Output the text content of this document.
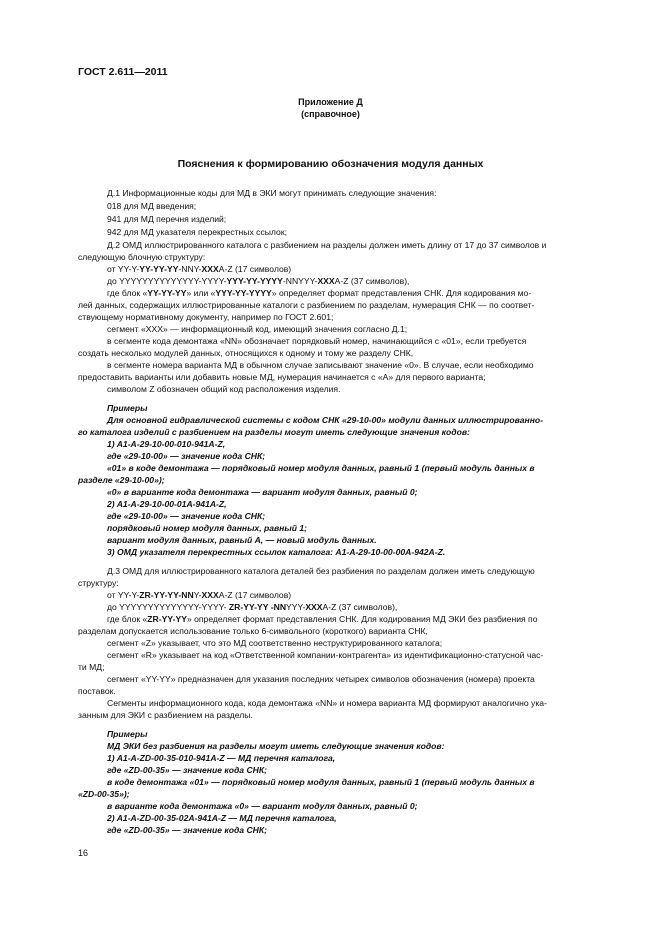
ГОСТ 2.611—2011
Приложение Д
(справочное)
Пояснения к формированию обозначения модуля данных
Д.1 Информационные коды для МД в ЭКИ могут принимать следующие значения:
018 для МД введения;
941 для МД перечня изделий;
942 для МД указателя перекрестных ссылок;
Д.2 ОМД иллюстрированного каталога с разбиением на разделы должен иметь длину от 17 до 37 символов и
следующую блочную структуру:
от YY-Y-YY-YY-YY-NNY-XXXA-Z (17 символов)
до YYYYYYYYYYYYYY-YYYY-YYY-YY-YYYY-NNYYY-XXXA-Z (37 символов),
где блок «YY-YY-YY» или «YYY-YY-YYYY» определяет формат представления СНК. Для кодирования мо-
лей данных, содержащих иллюстрированные каталоги с разбиением по разделам, нумерация СНК — по соответ-
ствующему нормативному документу, например по ГОСТ 2.601;
сегмент «XXX» — информационный код, имеющий значения согласно Д.1;
в сегменте кода демонтажа «NN» обозначает порядковый номер, начинающийся с «01», если требуется
создать несколько модулей данных, относящихся к одному и тому же разделу СНК,
в сегменте номера варианта МД в обычном случае записывают значение «0». В случае, если необходимо
предоставить варианты или добавить новые МД, нумерация начинается с «A» для первого варианта;
символом Z обозначен общий код расположения изделия.
Примеры
Для основной гидравлической системы с кодом СНК «29-10-00» модули данных иллюстрированно-
го каталога изделий с разбиением на разделы могут иметь следующие значения кодов:
1) A1-A-29-10-00-010-941A-Z,
где «29-10-00» — значение кода СНК;
«01» в коде демонтажа — порядковый номер модуля данных, равный 1 (первый модуль данных в
разделе «29-10-00»);
«0» в варианте кода демонтажа — вариант модуля данных, равный 0;
2) A1-A-29-10-00-01A-941A-Z,
где «29-10-00» — значение кода СНК;
порядковый номер модуля данных, равный 1;
вариант модуля данных, равный A, — новый модуль данных.
3) ОМД указателя перекрестных ссылок каталога: A1-A-29-10-00-00A-942A-Z.
Д.3 ОМД для иллюстрированного каталога деталей без разбиения по разделам должен иметь следующую
структуру:
от YY-Y-ZR-YY-YY-NNY-XXXA-Z (17 символов)
до YYYYYYYYYYYYYY-YYYY- ZR-YY-YY -NNYYY-XXXA-Z (37 символов),
где блок «ZR-YY-YY» определяет формат представления СНК. Для кодирования МД ЭКИ без разбиения по
разделам допускается использование только 6-символьного (короткого) варианта СНК,
сегмент «Z» указывает, что это МД соответственно неструктурированного каталога;
сегмент «R» указывает на код «Ответственной компании-контрагента» из идентификационно-статусной час-
ти МД;
сегмент «YY-YY» предназначен для указания последних четырех символов обозначения (номера) проекта
поставок.
Сегменты информационного кода, кода демонтажа «NN» и номера варианта МД формируют аналогично ука-
занным для ЭКИ с разбиением на разделы.
Примеры
МД ЭКИ без разбиения на разделы могут иметь следующие значения кодов:
1) A1-A-ZD-00-35-010-941A-Z — МД перечня каталога,
где «ZD-00-35» — значение кода СНК;
в коде демонтажа «01» — порядковый номер модуля данных, равный 1 (первый модуль данных в
«ZD-00-35»);
в варианте кода демонтажа «0» — вариант модуля данных, равный 0;
2) A1-A-ZD-00-35-02A-941A-Z — МД перечня каталога,
где «ZD-00-35» — значение кода СНК;
16
